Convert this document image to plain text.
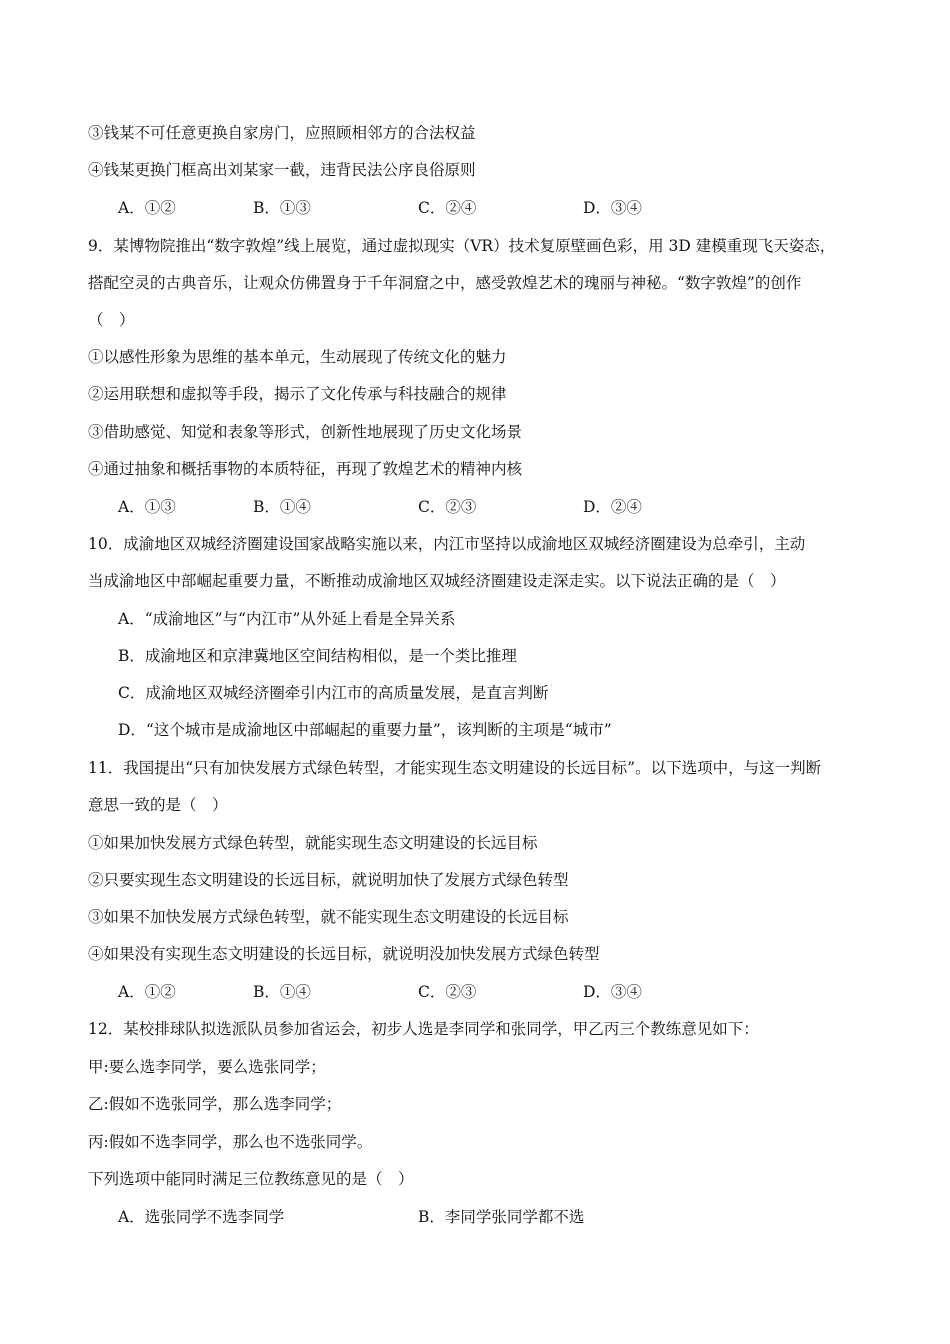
③钱某不可任意更换自家房门，应照顾相邻方的合法权益
④钱某更换门框高出刘某家一截，违背民法公序良俗原则
A．①②	B．①③	C．②④	D．③④
9．某博物院推出“数字敦煌”线上展览，通过虚拟现实（VR）技术复原壁画色彩，用 3D 建模重现飞天姿态，
搭配空灵的古典音乐，让观众仿佛置身于千年洞窟之中，感受敦煌艺术的瑰丽与神秘。“数字敦煌”的创作
（　）
①以感性形象为思维的基本单元，生动展现了传统文化的魅力
②运用联想和虚拟等手段，揭示了文化传承与科技融合的规律
③借助感觉、知觉和表象等形式，创新性地展现了历史文化场景
④通过抽象和概括事物的本质特征，再现了敦煌艺术的精神内核
A．①③	B．①④	C．②③	D．②④
10．成渝地区双城经济圈建设国家战略实施以来，内江市坚持以成渝地区双城经济圈建设为总牵引，主动
当成渝地区中部崛起重要力量，不断推动成渝地区双城经济圈建设走深走实。以下说法正确的是（　）
A．“成渝地区”与“内江市”从外延上看是全异关系
B．成渝地区和京津冀地区空间结构相似，是一个类比推理
C．成渝地区双城经济圈牵引内江市的高质量发展，是直言判断
D．“这个城市是成渝地区中部崛起的重要力量”，该判断的主项是“城市”
11．我国提出“只有加快发展方式绿色转型，才能实现生态文明建设的长远目标”。以下选项中，与这一判断
意思一致的是（　）
①如果加快发展方式绿色转型，就能实现生态文明建设的长远目标
②只要实现生态文明建设的长远目标，就说明加快了发展方式绿色转型
③如果不加快发展方式绿色转型，就不能实现生态文明建设的长远目标
④如果没有实现生态文明建设的长远目标，就说明没加快发展方式绿色转型
A．①②	B．①④	C．②③	D．③④
12．某校排球队拟选派队员参加省运会，初步人选是李同学和张同学，甲乙丙三个教练意见如下：
甲:要么选李同学，要么选张同学；
乙:假如不选张同学，那么选李同学；
丙:假如不选李同学，那么也不选张同学。
下列选项中能同时满足三位教练意见的是（　）
A．选张同学不选李同学	B．李同学张同学都不选
